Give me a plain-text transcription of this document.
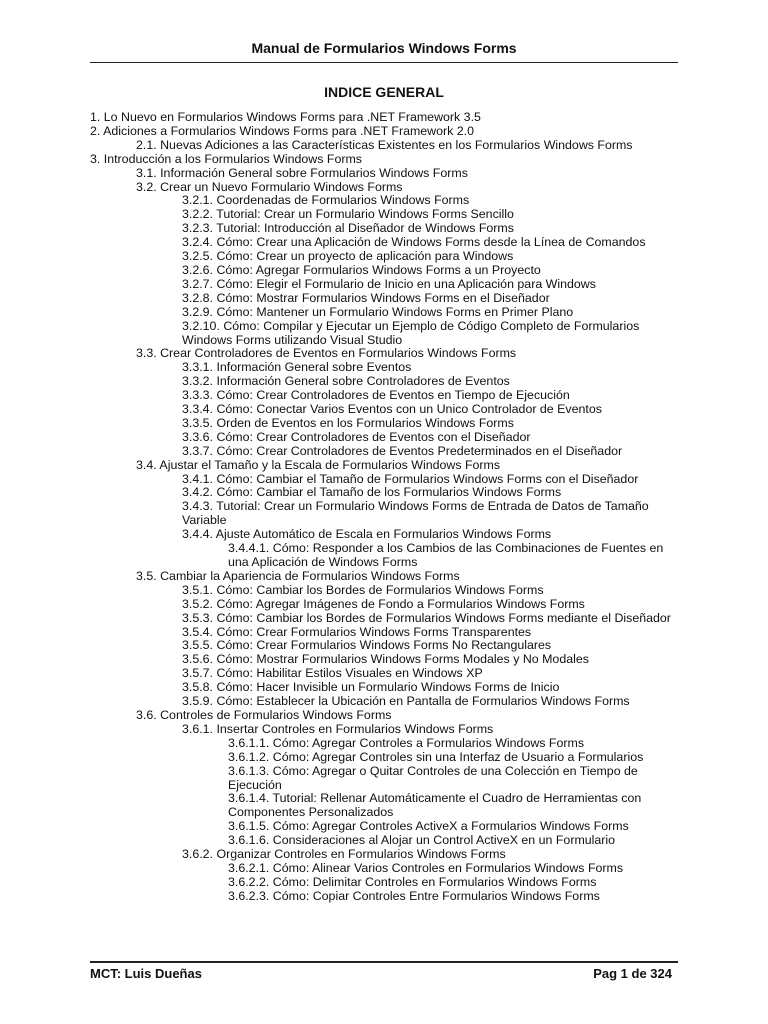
Manual de Formularios Windows Forms
INDICE GENERAL
1. Lo Nuevo en Formularios Windows Forms para .NET Framework 3.5
2. Adiciones a Formularios Windows Forms para .NET Framework 2.0
2.1. Nuevas Adiciones a las Características Existentes en los Formularios Windows Forms
3. Introducción a los Formularios Windows Forms
3.1. Información General sobre Formularios Windows Forms
3.2. Crear un Nuevo Formulario Windows Forms
3.2.1. Coordenadas de Formularios Windows Forms
3.2.2. Tutorial: Crear un Formulario Windows Forms Sencillo
3.2.3. Tutorial: Introducción al Diseñador de Windows Forms
3.2.4. Cómo: Crear una Aplicación de Windows Forms desde la Línea de Comandos
3.2.5. Cómo: Crear un proyecto de aplicación para Windows
3.2.6. Cómo: Agregar Formularios Windows Forms a un Proyecto
3.2.7. Cómo: Elegir el Formulario de Inicio en una Aplicación para Windows
3.2.8. Cómo: Mostrar Formularios Windows Forms en el Diseñador
3.2.9. Cómo: Mantener un Formulario Windows Forms en Primer Plano
3.2.10. Cómo: Compilar y Ejecutar un Ejemplo de Código Completo de Formularios Windows Forms utilizando Visual Studio
3.3. Crear Controladores de Eventos en Formularios Windows Forms
3.3.1. Información General sobre Eventos
3.3.2. Información General sobre Controladores de Eventos
3.3.3. Cómo: Crear Controladores de Eventos en Tiempo de Ejecución
3.3.4. Cómo: Conectar Varios Eventos con un Unico Controlador de Eventos
3.3.5. Orden de Eventos en los Formularios Windows Forms
3.3.6. Cómo: Crear Controladores de Eventos con el Diseñador
3.3.7. Cómo: Crear Controladores de Eventos Predeterminados en el Diseñador
3.4. Ajustar el Tamaño y la Escala de Formularios Windows Forms
3.4.1. Cómo: Cambiar el Tamaño de Formularios Windows Forms con el Diseñador
3.4.2. Cómo: Cambiar el Tamaño de los Formularios Windows Forms
3.4.3. Tutorial: Crear un Formulario Windows Forms de Entrada de Datos de Tamaño Variable
3.4.4. Ajuste Automático de Escala en Formularios Windows Forms
3.4.4.1. Cómo: Responder a los Cambios de las Combinaciones de Fuentes en una Aplicación de Windows Forms
3.5. Cambiar la Apariencia de Formularios Windows Forms
3.5.1. Cómo: Cambiar los Bordes de Formularios Windows Forms
3.5.2. Cómo: Agregar Imágenes de Fondo a Formularios Windows Forms
3.5.3. Cómo: Cambiar los Bordes de Formularios Windows Forms mediante el Diseñador
3.5.4. Cómo: Crear Formularios Windows Forms Transparentes
3.5.5. Cómo: Crear Formularios Windows Forms No Rectangulares
3.5.6. Cómo: Mostrar Formularios Windows Forms Modales y No Modales
3.5.7. Cómo: Habilitar Estilos Visuales en Windows XP
3.5.8. Cómo: Hacer Invisible un Formulario Windows Forms de Inicio
3.5.9. Cómo: Establecer la Ubicación en Pantalla de Formularios Windows Forms
3.6. Controles de Formularios Windows Forms
3.6.1. Insertar Controles en Formularios Windows Forms
3.6.1.1. Cómo: Agregar Controles a Formularios Windows Forms
3.6.1.2. Cómo: Agregar Controles sin una Interfaz de Usuario a Formularios
3.6.1.3. Cómo: Agregar o Quitar Controles de una Colección en Tiempo de Ejecución
3.6.1.4. Tutorial: Rellenar Automáticamente el Cuadro de Herramientas con Componentes Personalizados
3.6.1.5. Cómo: Agregar Controles ActiveX a Formularios Windows Forms
3.6.1.6. Consideraciones al Alojar un Control ActiveX en un Formulario
3.6.2. Organizar Controles en Formularios Windows Forms
3.6.2.1. Cómo: Alinear Varios Controles en Formularios Windows Forms
3.6.2.2. Cómo: Delimitar Controles en Formularios Windows Forms
3.6.2.3. Cómo: Copiar Controles Entre Formularios Windows Forms
MCT: Luis Dueñas	Pag 1 de 324
